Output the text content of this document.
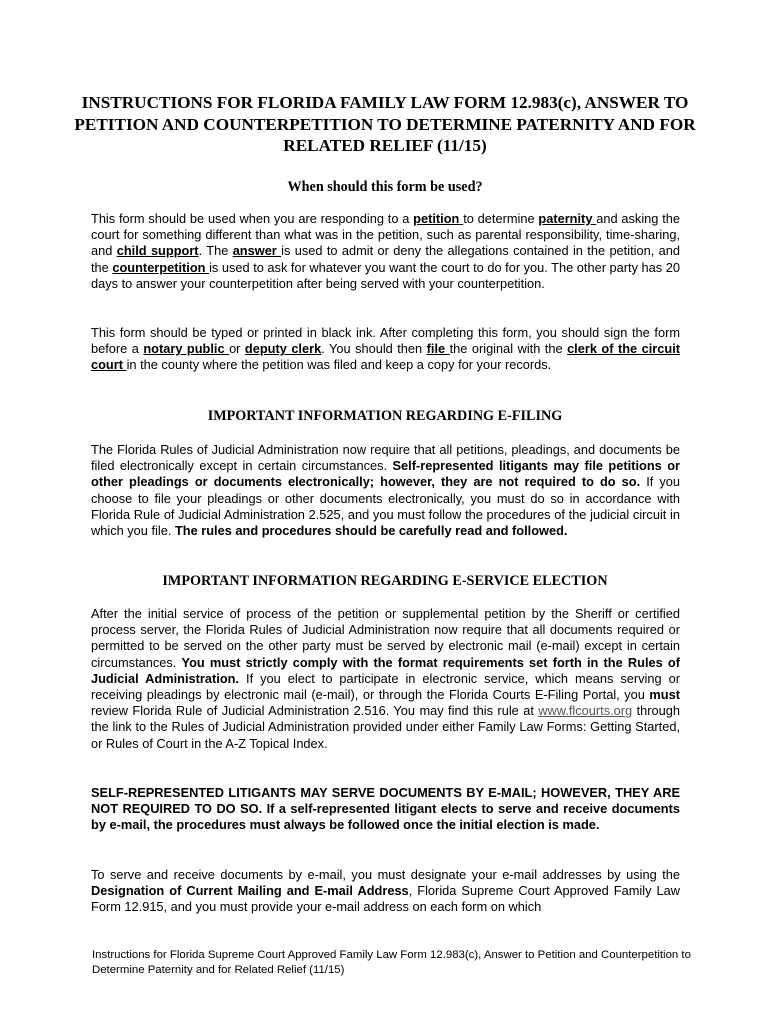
INSTRUCTIONS FOR FLORIDA FAMILY LAW FORM 12.983(c), ANSWER TO PETITION AND COUNTERPETITION TO DETERMINE PATERNITY AND FOR RELATED RELIEF (11/15)
When should this form be used?

This form should be used when you are responding to a petition to determine paternity and asking the court for something different than what was in the petition, such as parental responsibility, time-sharing, and child support. The answer is used to admit or deny the allegations contained in the petition, and the counterpetition is used to ask for whatever you want the court to do for you. The other party has 20 days to answer your counterpetition after being served with your counterpetition.

This form should be typed or printed in black ink. After completing this form, you should sign the form before a notary public or deputy clerk. You should then file the original with the clerk of the circuit court in the county where the petition was filed and keep a copy for your records.

IMPORTANT INFORMATION REGARDING E-FILING

The Florida Rules of Judicial Administration now require that all petitions, pleadings, and documents be filed electronically except in certain circumstances. Self-represented litigants may file petitions or other pleadings or documents electronically; however, they are not required to do so. If you choose to file your pleadings or other documents electronically, you must do so in accordance with Florida Rule of Judicial Administration 2.525, and you must follow the procedures of the judicial circuit in which you file. The rules and procedures should be carefully read and followed.

IMPORTANT INFORMATION REGARDING E-SERVICE ELECTION

After the initial service of process of the petition or supplemental petition by the Sheriff or certified process server, the Florida Rules of Judicial Administration now require that all documents required or permitted to be served on the other party must be served by electronic mail (e-mail) except in certain circumstances. You must strictly comply with the format requirements set forth in the Rules of Judicial Administration. If you elect to participate in electronic service, which means serving or receiving pleadings by electronic mail (e-mail), or through the Florida Courts E-Filing Portal, you must review Florida Rule of Judicial Administration 2.516. You may find this rule at www.flcourts.org through the link to the Rules of Judicial Administration provided under either Family Law Forms: Getting Started, or Rules of Court in the A-Z Topical Index.

SELF-REPRESENTED LITIGANTS MAY SERVE DOCUMENTS BY E-MAIL; HOWEVER, THEY ARE NOT REQUIRED TO DO SO. If a self-represented litigant elects to serve and receive documents by e-mail, the procedures must always be followed once the initial election is made.

To serve and receive documents by e-mail, you must designate your e-mail addresses by using the Designation of Current Mailing and E-mail Address, Florida Supreme Court Approved Family Law Form 12.915, and you must provide your e-mail address on each form on which

Instructions for Florida Supreme Court Approved Family Law Form 12.983(c), Answer to Petition and Counterpetition to Determine Paternity and for Related Relief (11/15)
